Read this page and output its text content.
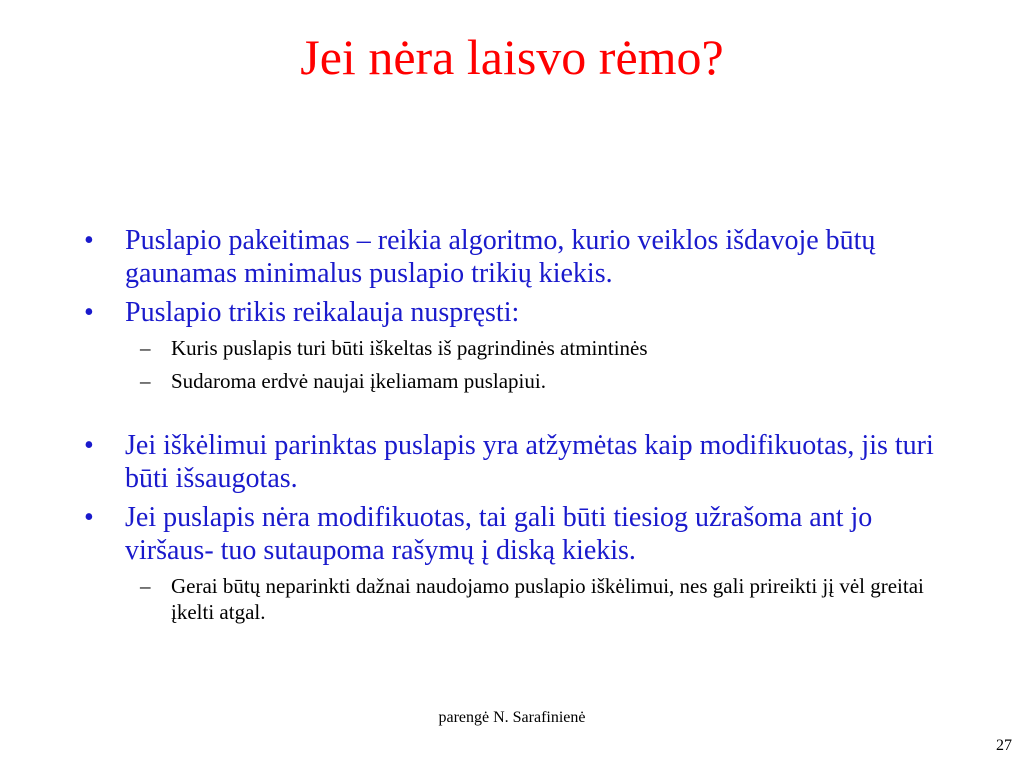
Jei nėra laisvo rėmo?
• Puslapio pakeitimas – reikia algoritmo, kurio veiklos išdavoje būtų gaunamas minimalus puslapio trikių kiekis.
• Puslapio trikis reikalauja nuspręsti:
– Kuris puslapis turi būti iškeltas iš pagrindinės atmintinės
– Sudaroma erdvė naujai įkeliamam puslapiui.
• Jei iškėlimui parinktas puslapis yra atžymėtas kaip modifikuotas, jis turi būti išsaugotas.
• Jei puslapis nėra modifikuotas, tai gali būti tiesiog užrašoma ant jo viršaus- tuo sutaupoma rašymų į diską kiekis.
– Gerai būtų neparinkti dažnai naudojamo puslapio iškėlimui, nes gali prireikti jį vėl greitai įkelti atgal.
parengė N. Sarafinienė
27
